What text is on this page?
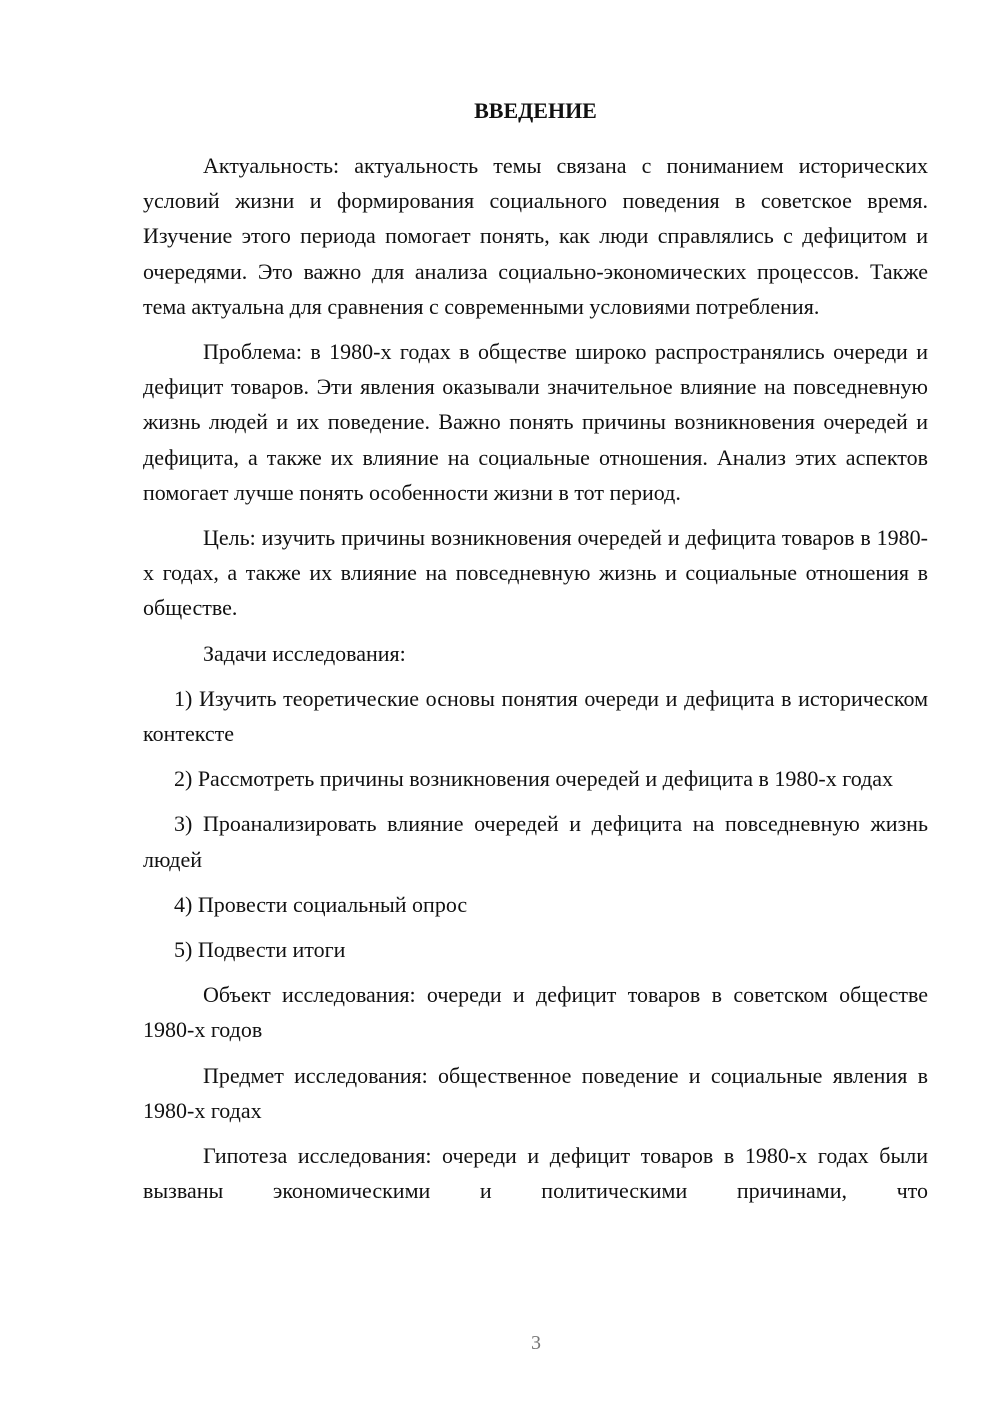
ВВЕДЕНИЕ

Актуальность: актуальность темы связана с пониманием исторических условий жизни и формирования социального поведения в советское время. Изучение этого периода помогает понять, как люди справлялись с дефицитом и очередями. Это важно для анализа социально-экономических процессов. Также тема актуальна для сравнения с современными условиями потребления.

Проблема: в 1980-х годах в обществе широко распространялись очереди и дефицит товаров. Эти явления оказывали значительное влияние на повседневную жизнь людей и их поведение. Важно понять причины возникновения очередей и дефицита, а также их влияние на социальные отношения. Анализ этих аспектов помогает лучше понять особенности жизни в тот период.

Цель: изучить причины возникновения очередей и дефицита товаров в 1980-х годах, а также их влияние на повседневную жизнь и социальные отношения в обществе.

Задачи исследования:

1) Изучить теоретические основы понятия очереди и дефицита в историческом контексте

2) Рассмотреть причины возникновения очередей и дефицита в 1980-х годах

3) Проанализировать влияние очередей и дефицита на повседневную жизнь людей

4) Провести социальный опрос

5) Подвести итоги

Объект исследования: очереди и дефицит товаров в советском обществе 1980-х годов

Предмет исследования: общественное поведение и социальные явления в 1980-х годах

Гипотеза исследования: очереди и дефицит товаров в 1980-х годах были вызваны экономическими и политическими причинами, что

3
